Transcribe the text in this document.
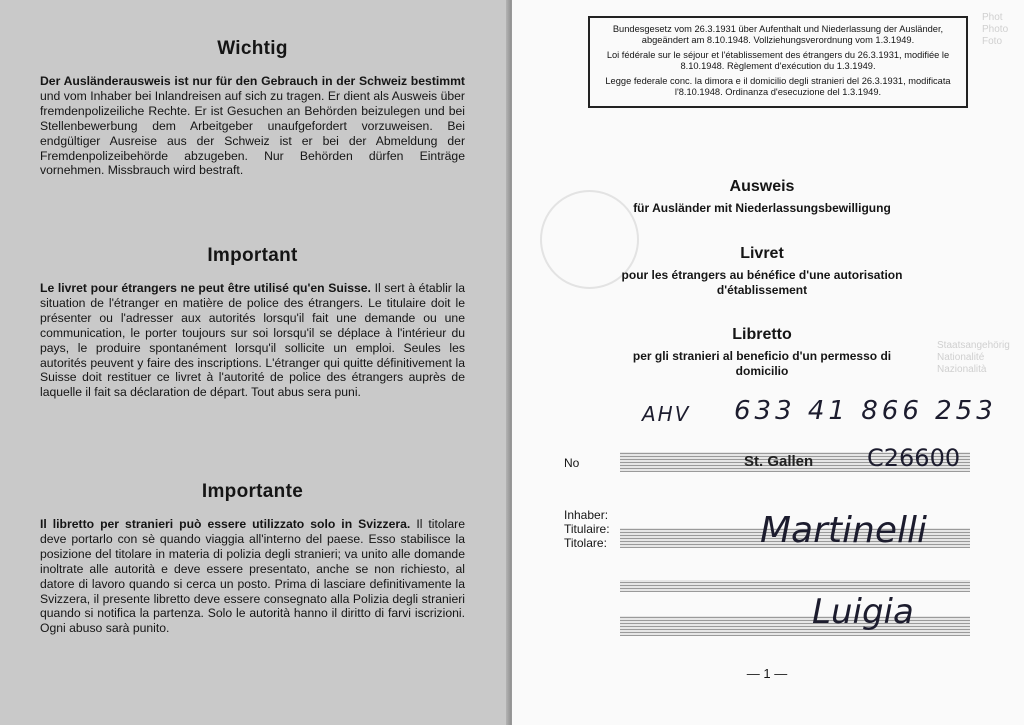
Wichtig

Der Ausländerausweis ist nur für den Gebrauch in der Schweiz bestimmt und vom Inhaber bei Inlandreisen auf sich zu tragen. Er dient als Ausweis über fremdenpolizeiliche Rechte. Er ist Gesuchen an Behörden beizulegen und bei Stellenbewerbung dem Arbeitgeber unaufgefordert vorzuweisen. Bei endgültiger Ausreise aus der Schweiz ist er bei der Abmeldung der Fremdenpolizeibehörde abzugeben. Nur Behörden dürfen Einträge vornehmen. Missbrauch wird bestraft.

Important

Le livret pour étrangers ne peut être utilisé qu'en Suisse. Il sert à établir la situation de l'étranger en matière de police des étrangers. Le titulaire doit le présenter ou l'adresser aux autorités lorsqu'il fait une demande ou une communication, le porter toujours sur soi lorsqu'il se déplace à l'intérieur du pays, le produire spontanément lorsqu'il sollicite un emploi. Seules les autorités peuvent y faire des inscriptions. L'étranger qui quitte définitivement la Suisse doit restituer ce livret à l'autorité de police des étrangers auprès de laquelle il fait sa déclaration de départ. Tout abus sera puni.

Importante

Il libretto per stranieri può essere utilizzato solo in Svizzera. Il titolare deve portarlo con sè quando viaggia all'interno del paese. Esso stabilisce la posizione del titolare in materia di polizia degli stranieri; va unito alle domande inoltrate alle autorità e deve essere presentato, anche se non richiesto, al datore di lavoro quando si cerca un posto. Prima di lasciare definitivamente la Svizzera, il presente libretto deve essere consegnato alla Polizia degli stranieri quando si notifica la partenza. Solo le autorità hanno il diritto di farvi iscrizioni. Ogni abuso sarà punito.

Phot
Photo
Foto
Staatsangehörig
Nationalité
Nazionalità

Bundesgesetz vom 26.3.1931 über Aufenthalt und Niederlassung der Ausländer, abgeändert am 8.10.1948. Vollziehungsverordnung vom 1.3.1949.

Loi fédérale sur le séjour et l'établissement des étrangers du 26.3.1931, modifiée le 8.10.1948. Règlement d'exécution du 1.3.1949.

Legge federale conc. la dimora e il domicilio degli stranieri del 26.3.1931, modificata l'8.10.1948. Ordinanza d'esecuzione del 1.3.1949.

Ausweis
für Ausländer mit Niederlassungsbewilligung
Livret
pour les étrangers au bénéfice d'une autorisation d'établissement
Libretto
per gli stranieri al beneficio d'un permesso di domicilio
AHV 633 41 866 253
No	St. Gallen C26600
Inhaber:
Titulaire:
Titolare:	Martinelli
Luigia
— 1 —
